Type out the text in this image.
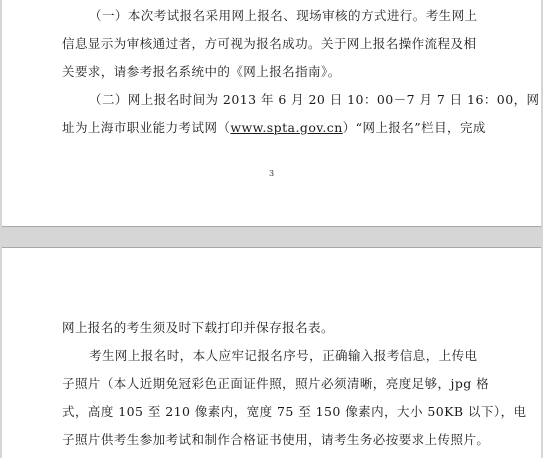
（一）本次考试报名采用网上报名、现场审核的方式进行。考生网上
信息显示为审核通过者，方可视为报名成功。关于网上报名操作流程及相
关要求，请参考报名系统中的《网上报名指南》。
（二）网上报名时间为 2013 年 6 月 20 日 10：00－7 月 7 日 16：00，网
址为上海市职业能力考试网（www.spta.gov.cn）“网上报名”栏目，完成
3
网上报名的考生须及时下载打印并保存报名表。
考生网上报名时，本人应牢记报名序号，正确输入报考信息，上传电
子照片（本人近期免冠彩色正面证件照，照片必须清晰，亮度足够，jpg 格
式，高度 105 至 210 像素内，宽度 75 至 150 像素内，大小 50KB 以下），电
子照片供考生参加考试和制作合格证书使用，请考生务必按要求上传照片。
